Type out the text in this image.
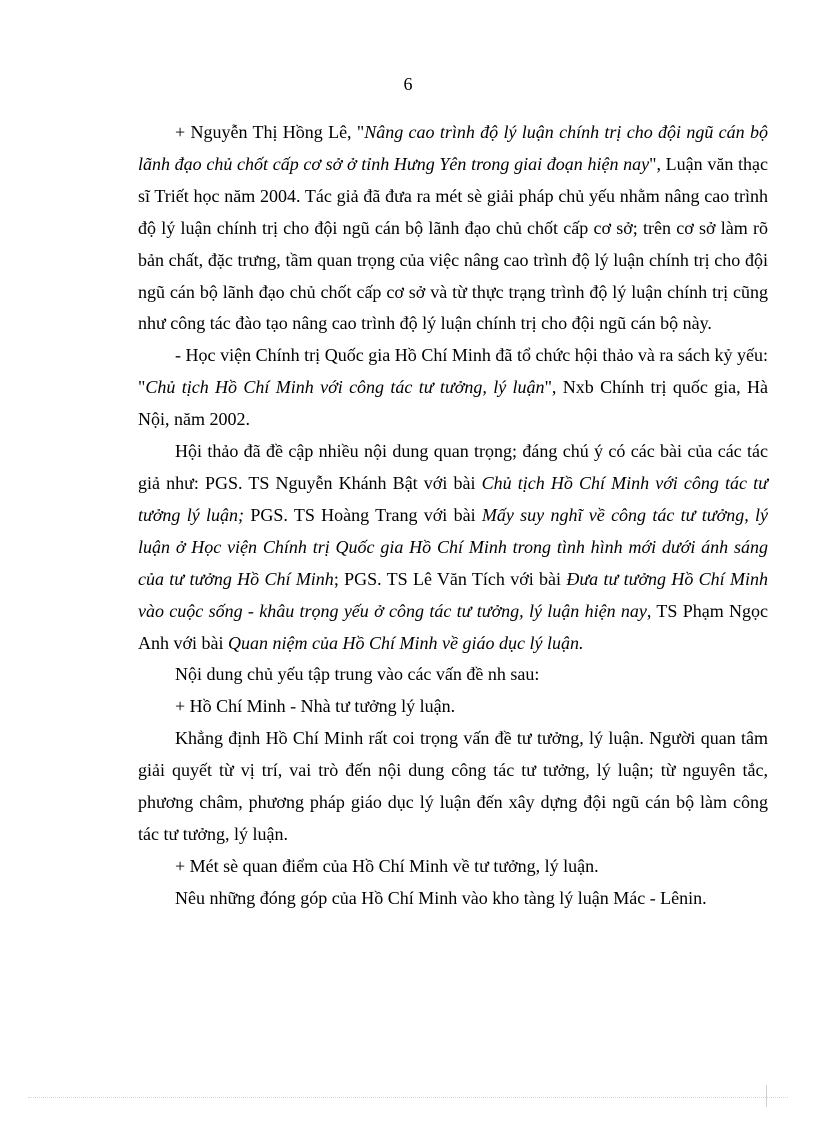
6

+ Nguyễn Thị Hồng Lê, "Nâng cao trình độ lý luận chính trị cho đội ngũ cán bộ lãnh đạo chủ chốt cấp cơ sở ở tỉnh Hưng Yên trong giai đoạn hiện nay", Luận văn thạc sĩ Triết học năm 2004. Tác giả đã đưa ra mét sè giải pháp chủ yếu nhằm nâng cao trình độ lý luận chính trị cho đội ngũ cán bộ lãnh đạo chủ chốt cấp cơ sở; trên cơ sở làm rõ bản chất, đặc trưng, tầm quan trọng của việc nâng cao trình độ lý luận chính trị cho đội ngũ cán bộ lãnh đạo chủ chốt cấp cơ sở và từ thực trạng trình độ lý luận chính trị cũng như công tác đào tạo nâng cao trình độ lý luận chính trị cho đội ngũ cán bộ này.

- Học viện Chính trị Quốc gia Hồ Chí Minh đã tổ chức hội thảo và ra sách kỷ yếu: "Chủ tịch Hồ Chí Minh với công tác tư tưởng, lý luận", Nxb Chính trị quốc gia, Hà Nội, năm 2002.

Hội thảo đã đề cập nhiều nội dung quan trọng; đáng chú ý có các bài của các tác giả như: PGS. TS Nguyễn Khánh Bật với bài Chủ tịch Hồ Chí Minh với công tác tư tưởng lý luận; PGS. TS Hoàng Trang với bài Mấy suy nghĩ về công tác tư tưởng, lý luận ở Học viện Chính trị Quốc gia Hồ Chí Minh trong tình hình mới dưới ánh sáng của tư tưởng Hồ Chí Minh; PGS. TS Lê Văn Tích với bài Đưa tư tưởng Hồ Chí Minh vào cuộc sống - khâu trọng yếu ở công tác tư tưởng, lý luận hiện nay, TS Phạm Ngọc Anh với bài Quan niệm của Hồ Chí Minh về giáo dục lý luận.

Nội dung chủ yếu tập trung vào các vấn đề nh sau:

+ Hồ Chí Minh - Nhà tư tưởng lý luận.

Khẳng định Hồ Chí Minh rất coi trọng vấn đề tư tưởng, lý luận. Người quan tâm giải quyết từ vị trí, vai trò đến nội dung công tác tư tưởng, lý luận; từ nguyên tắc, phương châm, phương pháp giáo dục lý luận đến xây dựng đội ngũ cán bộ làm công tác tư tưởng, lý luận.

+ Mét sè quan điểm của Hồ Chí Minh về tư tưởng, lý luận.

Nêu những đóng góp của Hồ Chí Minh vào kho tàng lý luận Mác - Lênin.
